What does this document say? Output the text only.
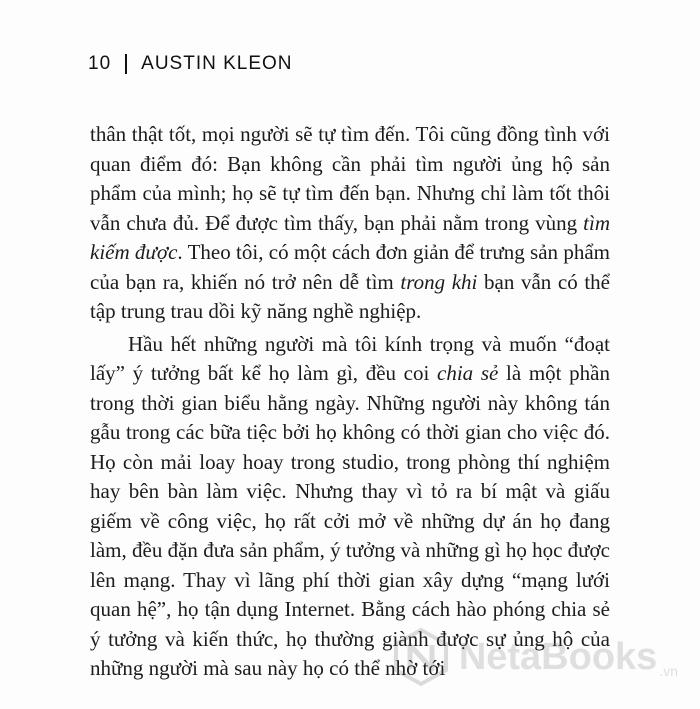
10 AUSTIN KLEON

thân thật tốt, mọi người sẽ tự tìm đến. Tôi cũng đồng tình với quan điểm đó: Bạn không cần phải tìm người ủng hộ sản phẩm của mình; họ sẽ tự tìm đến bạn. Nhưng chỉ làm tốt thôi vẫn chưa đủ. Để được tìm thấy, bạn phải nằm trong vùng tìm kiếm được. Theo tôi, có một cách đơn giản để trưng sản phẩm của bạn ra, khiến nó trở nên dễ tìm trong khi bạn vẫn có thể tập trung trau dồi kỹ năng nghề nghiệp.

Hầu hết những người mà tôi kính trọng và muốn “đoạt lấy” ý tưởng bất kể họ làm gì, đều coi chia sẻ là một phần trong thời gian biểu hằng ngày. Những người này không tán gẫu trong các bữa tiệc bởi họ không có thời gian cho việc đó. Họ còn mải loay hoay trong studio, trong phòng thí nghiệm hay bên bàn làm việc. Nhưng thay vì tỏ ra bí mật và giấu giếm về công việc, họ rất cởi mở về những dự án họ đang làm, đều đặn đưa sản phẩm, ý tưởng và những gì họ học được lên mạng. Thay vì lãng phí thời gian xây dựng “mạng lưới quan hệ”, họ tận dụng Internet. Bằng cách hào phóng chia sẻ ý tưởng và kiến thức, họ thường giành được sự ủng hộ của những người mà sau này họ có thể nhờ tới NetaBooks .vn
